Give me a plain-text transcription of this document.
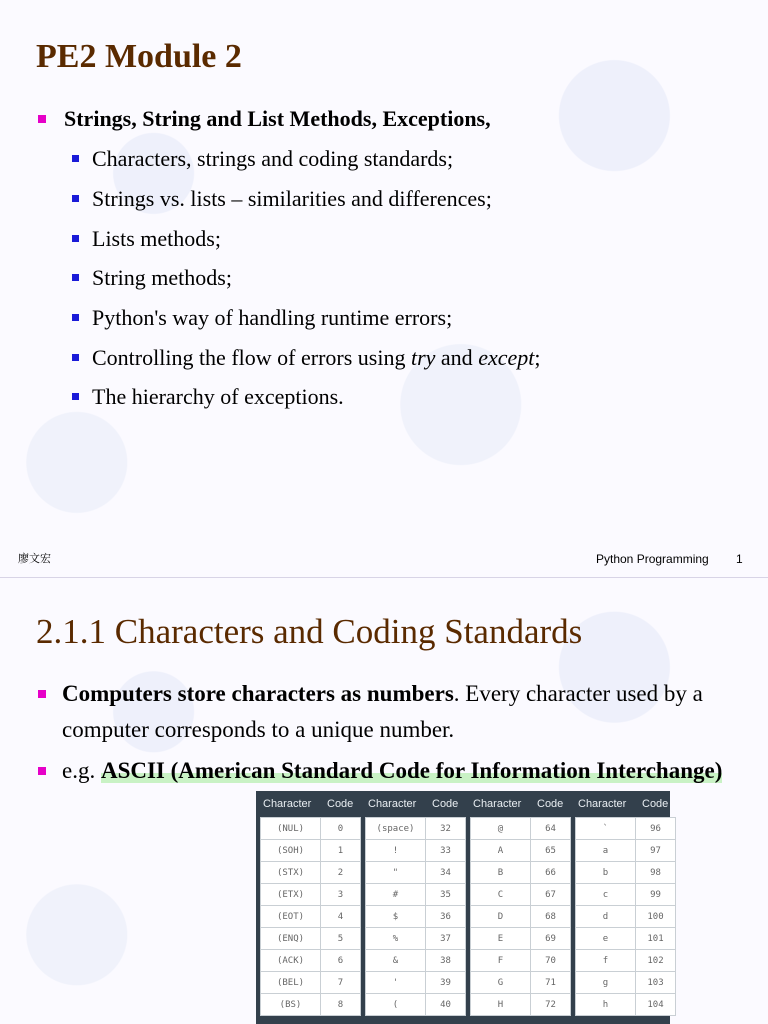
PE2 Module 2
Strings, String and List Methods, Exceptions,
Characters, strings and coding standards;
Strings vs. lists – similarities and differences;
Lists methods;
String methods;
Python's way of handling runtime errors;
Controlling the flow of errors using try and except;
The hierarchy of exceptions.
廖文宏	Python Programming 1
2.1.1 Characters and Coding Standards
Computers store characters as numbers. Every character used by a computer corresponds to a unique number.
e.g. ASCII (American Standard Code for Information Interchange)
Character	Code
(NUL)	0
(SOH)	1
(STX)	2
(ETX)	3
(EOT)	4
(ENQ)	5
(ACK)	6
(BEL)	7
(BS)	8
Character	Code
(space)	32
!	33
"	34
#	35
$	36
%	37
&	38
'	39
(	40
Character	Code
@	64
A	65
B	66
C	67
D	68
E	69
F	70
G	71
H	72
Character	Code
`	96
a	97
b	98
c	99
d	100
e	101
f	102
g	103
h	104
